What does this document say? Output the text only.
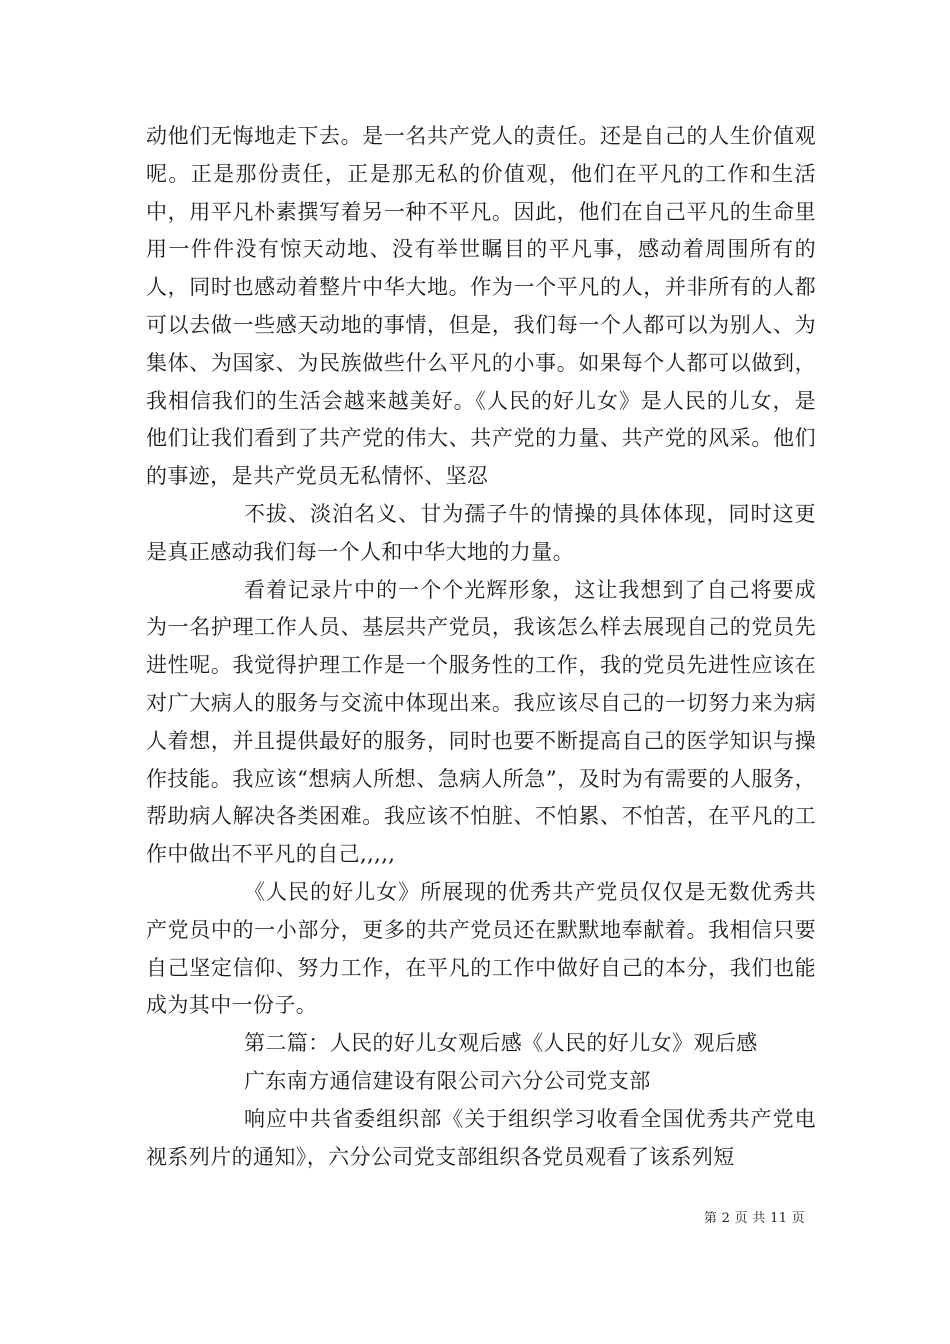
动他们无悔地走下去。是一名共产党人的责任。还是自己的人生价值观呢。正是那份责任，正是那无私的价值观，他们在平凡的工作和生活中，用平凡朴素撰写着另一种不平凡。因此，他们在自己平凡的生命里用一件件没有惊天动地、没有举世瞩目的平凡事，感动着周围所有的人，同时也感动着整片中华大地。作为一个平凡的人，并非所有的人都可以去做一些感天动地的事情，但是，我们每一个人都可以为别人、为集体、为国家、为民族做些什么平凡的小事。如果每个人都可以做到，我相信我们的生活会越来越美好。《人民的好儿女》是人民的儿女，是他们让我们看到了共产党的伟大、共产党的力量、共产党的风采。他们的事迹，是共产党员无私情怀、坚忍

不拔、淡泊名义、甘为孺子牛的情操的具体体现，同时这更是真正感动我们每一个人和中华大地的力量。

看着记录片中的一个个光辉形象，这让我想到了自己将要成为一名护理工作人员、基层共产党员，我该怎么样去展现自己的党员先进性呢。我觉得护理工作是一个服务性的工作，我的党员先进性应该在对广大病人的服务与交流中体现出来。我应该尽自己的一切努力来为病人着想，并且提供最好的服务，同时也要不断提高自己的医学知识与操作技能。我应该“想病人所想、急病人所急”，及时为有需要的人服务，帮助病人解决各类困难。我应该不怕脏、不怕累、不怕苦，在平凡的工作中做出不平凡的自己,,,,,

《人民的好儿女》所展现的优秀共产党员仅仅是无数优秀共产党员中的一小部分，更多的共产党员还在默默地奉献着。我相信只要自己坚定信仰、努力工作，在平凡的工作中做好自己的本分，我们也能成为其中一份子。

第二篇：人民的好儿女观后感《人民的好儿女》观后感

广东南方通信建设有限公司六分公司党支部

响应中共省委组织部《关于组织学习收看全国优秀共产党电视系列片的通知》，六分公司党支部组织各党员观看了该系列短

第 2 页 共 11 页
